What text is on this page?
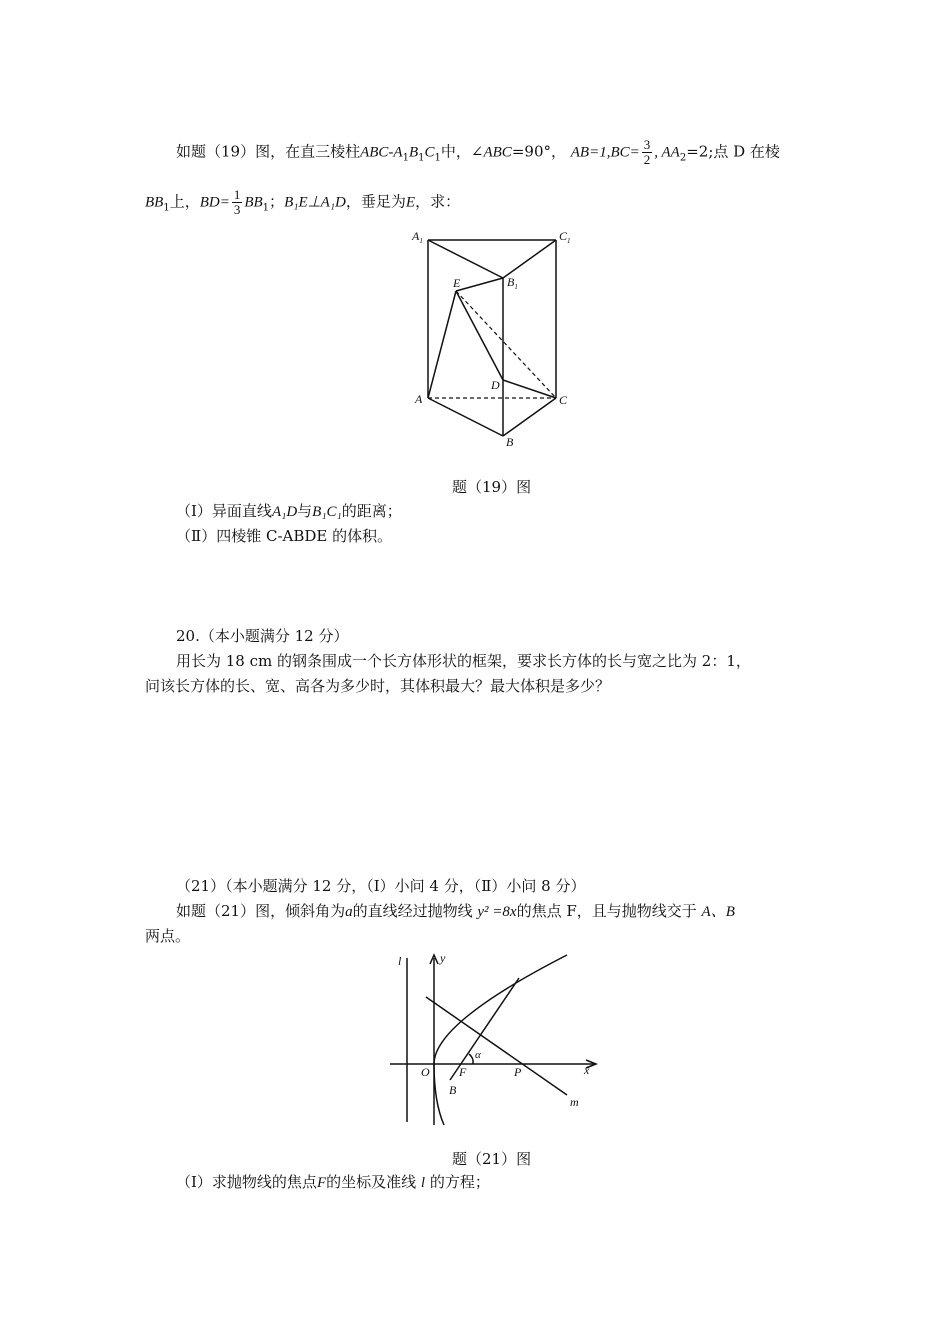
如题（19）图，在直三棱柱ABC-$A_1B_1C_1$中，∠ABC=90°， $AB=1,BC= \frac{3}{2}$ , $AA_2=2$;点 D 在棱
$BB_1$上，$BD= \frac{1}{3} BB_1$；B₁E⊥A₁D，垂足为E，求：
$A_1$	$C_1$
$B_1$
E
D
A	C
B
题（19）图
（Ⅰ）异面直线A₁D与B₁C₁的距离；
（Ⅱ）四棱锥 C-ABDE 的体积。
20.（本小题满分 12 分）
用长为 18 cm 的钢条围成一个长方体形状的框架，要求长方体的长与宽之比为 2：1，
问该长方体的长、宽、高各为多少时，其体积最大？最大体积是多少？
（21）（本小题满分 12 分，（Ⅰ）小问 4 分，（Ⅱ）小问 8 分）
如题（21）图，倾斜角为a的直线经过抛物线 y² =8x的焦点 F，且与抛物线交于 A、B
两点。
l	y
x
O F	P
B
m
α
题（21）图
（Ⅰ）求抛物线的焦点F的坐标及准线 l 的方程；
